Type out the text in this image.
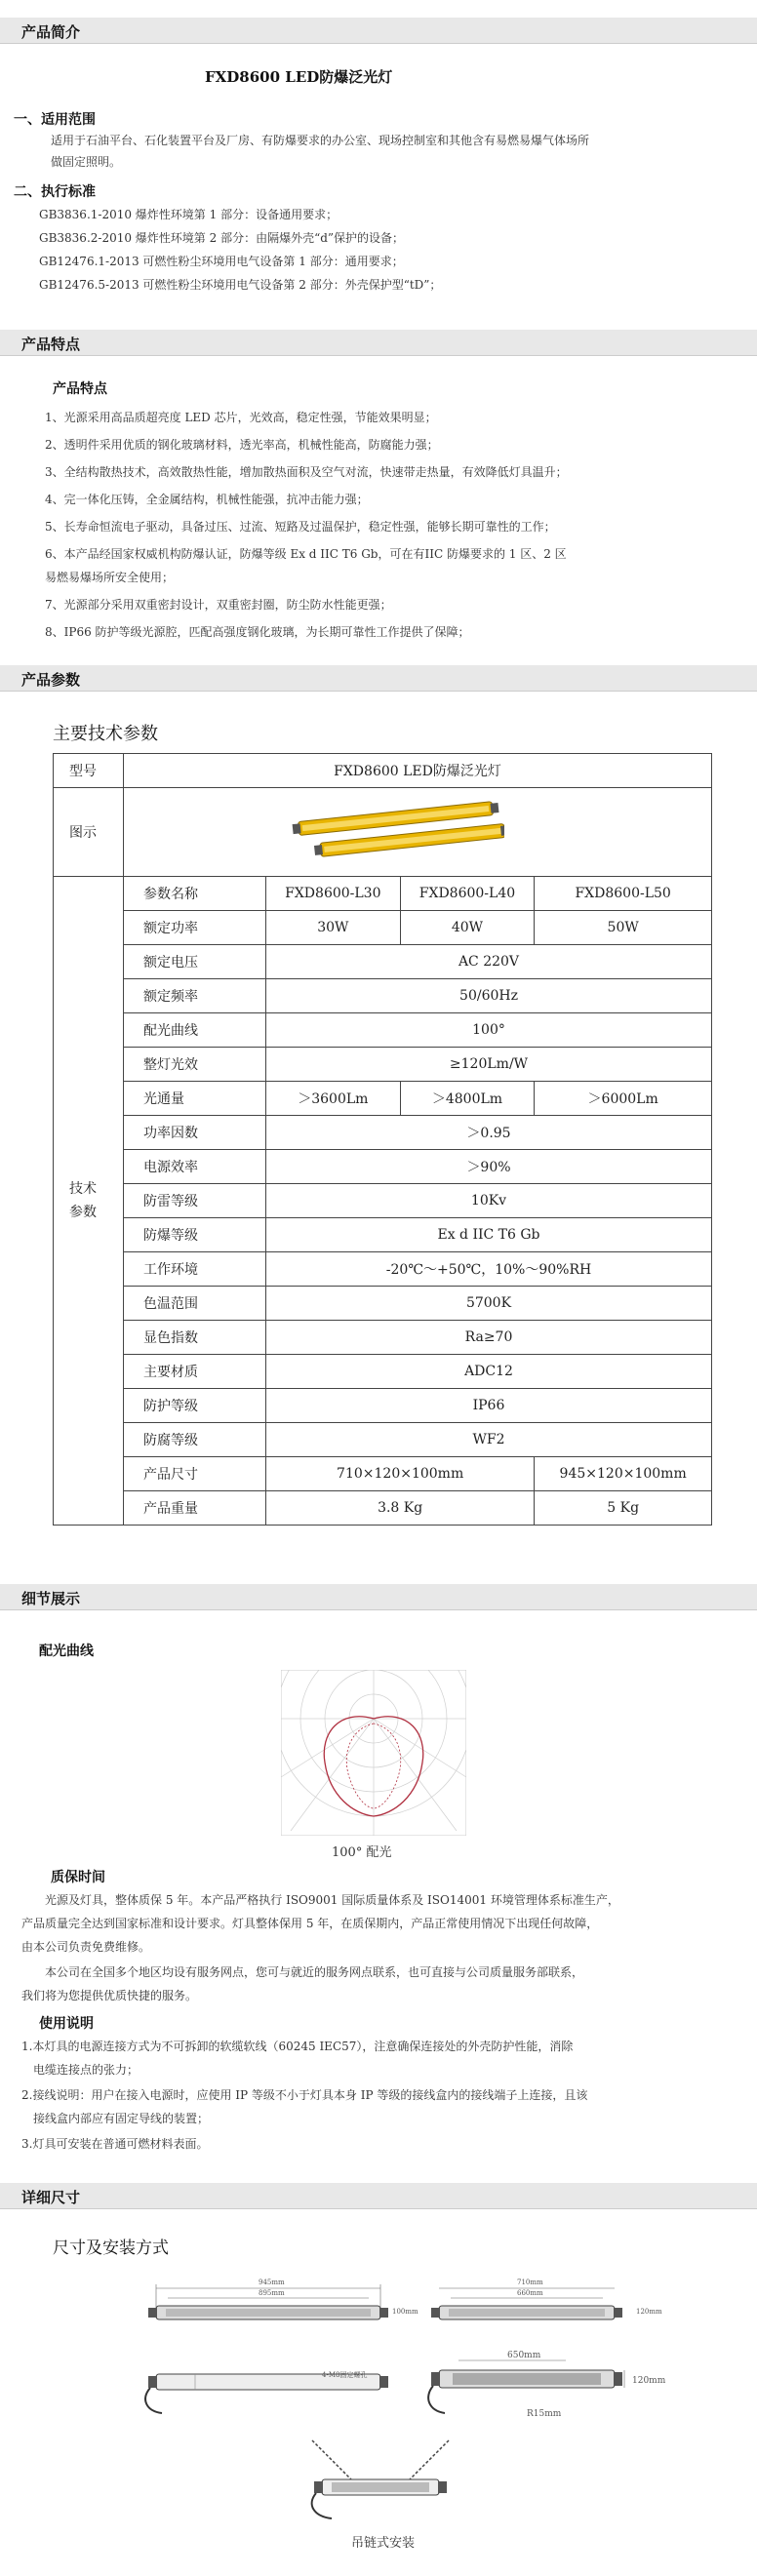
产品简介
FXD8600 LED防爆泛光灯
一、适用范围
适用于石油平台、石化装置平台及厂房、有防爆要求的办公室、现场控制室和其他含有易燃易爆气体场所
做固定照明。
二、执行标准
GB3836.1-2010 爆炸性环境第 1 部分：设备通用要求；
GB3836.2-2010 爆炸性环境第 2 部分：由隔爆外壳“d”保护的设备；
GB12476.1-2013 可燃性粉尘环境用电气设备第 1 部分：通用要求；
GB12476.5-2013 可燃性粉尘环境用电气设备第 2 部分：外壳保护型“tD”；
产品特点
产品特点
1、光源采用高品质超亮度 LED 芯片，光效高，稳定性强，节能效果明显；
2、透明件采用优质的钢化玻璃材料，透光率高，机械性能高，防腐能力强；
3、全结构散热技术，高效散热性能，增加散热面积及空气对流，快速带走热量，有效降低灯具温升；
4、完一体化压铸，全金属结构，机械性能强，抗冲击能力强；
5、长寿命恒流电子驱动，具备过压、过流、短路及过温保护，稳定性强，能够长期可靠性的工作；
6、本产品经国家权威机构防爆认证，防爆等级 Ex d IIC T6 Gb，可在有IIC 防爆要求的 1 区、2 区
易燃易爆场所安全使用；
7、光源部分采用双重密封设计，双重密封圈，防尘防水性能更强；
8、IP66 防护等级光源腔，匹配高强度钢化玻璃，为长期可靠性工作提供了保障；
产品参数
主要技术参数
型号	FXD8600 LED防爆泛光灯			
图示	

技术
参数	参数名称	FXD8600-L30	FXD8600-L40	FXD8600-L50
	额定功率	30W	40W	50W
	额定电压	AC 220V		
	额定频率	50/60Hz		
	配光曲线	100°		
	整灯光效	≥120Lm/W		
	光通量	＞3600Lm	＞4800Lm	＞6000Lm
	功率因数	＞0.95		
	电源效率	＞90%		
	防雷等级	10Kv		
	防爆等级	Ex d IIC T6 Gb		
	工作环境	-20℃～+50℃，10%～90%RH		
	色温范围	5700K		
	显色指数	Ra≥70		
	主要材质	ADC12		
	防护等级	IP66		
	防腐等级	WF2		
	产品尺寸	710×120×100mm		945×120×100mm
	产品重量	3.8 Kg		5 Kg
细节展示
配光曲线
100° 配光
质保时间
光源及灯具，整体质保 5 年。本产品严格执行 ISO9001 国际质量体系及 ISO14001 环境管理体系标准生产，
产品质量完全达到国家标准和设计要求。灯具整体保用 5 年，在质保期内，产品正常使用情况下出现任何故障，
由本公司负责免费维修。
本公司在全国多个地区均设有服务网点，您可与就近的服务网点联系，也可直接与公司质量服务部联系，
我们将为您提供优质快捷的服务。
使用说明
1.本灯具的电源连接方式为不可拆卸的软缆软线（60245 IEC57），注意确保连接处的外壳防护性能，消除
电缆连接点的张力；
2.接线说明：用户在接入电源时，应使用 IP 等级不小于灯具本身 IP 等级的接线盒内的接线端子上连接，且该
接线盒内部应有固定导线的装置；
3.灯具可安装在普通可燃材料表面。
详细尺寸
尺寸及安装方式
945mm
895mm
100mm
710mm
660mm
120mm
4-M8固定螺孔
650mm
120mm
R15mm
吊链式安装
